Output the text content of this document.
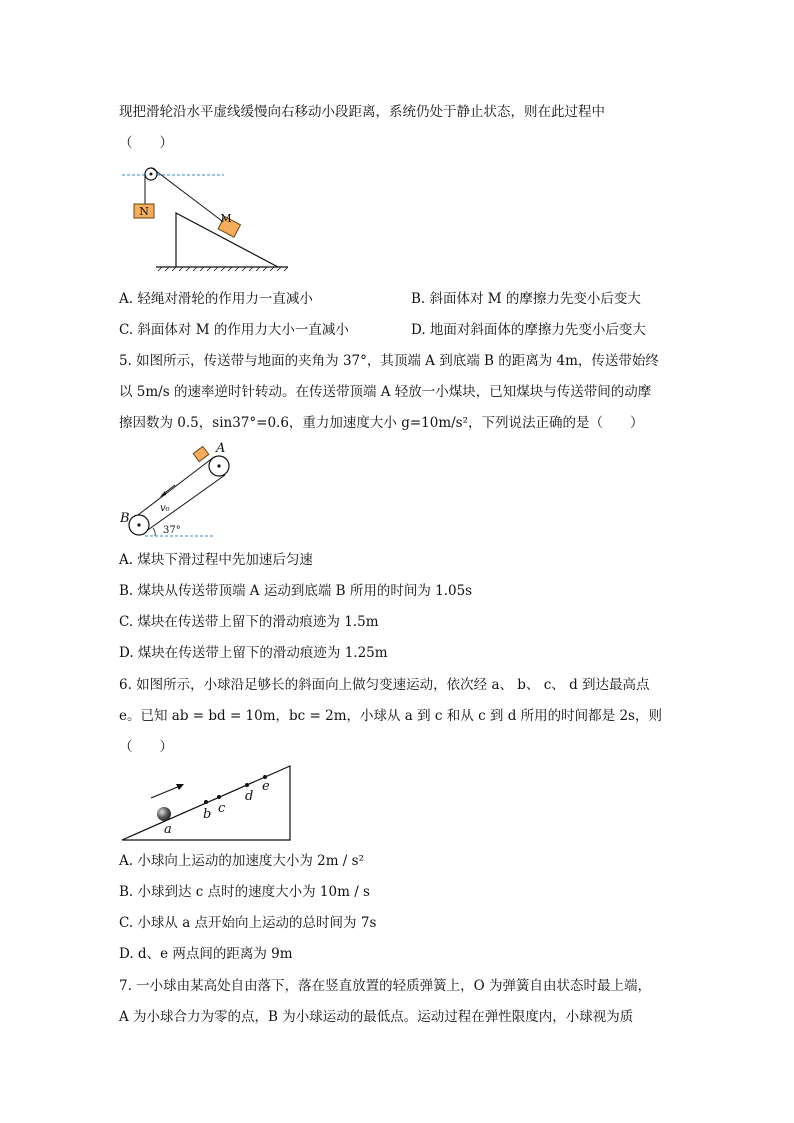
现把滑轮沿水平虚线缓慢向右移动小段距离，系统仍处于静止状态，则在此过程中
（　　）
N
M
A. 轻绳对滑轮的作用力一直减小	B. 斜面体对 M 的摩擦力先变小后变大
C. 斜面体对 M 的作用力大小一直减小	D. 地面对斜面体的摩擦力先变小后变大
5. 如图所示，传送带与地面的夹角为 37°，其顶端 A 到底端 B 的距离为 4m，传送带始终
以 5m/s 的速率逆时针转动。在传送带顶端 A 轻放一小煤块，已知煤块与传送带间的动摩
擦因数为 0.5，sin37°=0.6，重力加速度大小 g=10m/s²，下列说法正确的是（　　）
A
B
v₀
37°
A. 煤块下滑过程中先加速后匀速
B. 煤块从传送带顶端 A 运动到底端 B 所用的时间为 1.05s
C. 煤块在传送带上留下的滑动痕迹为 1.5m
D. 煤块在传送带上留下的滑动痕迹为 1.25m
6. 如图所示，小球沿足够长的斜面向上做匀变速运动，依次经 a、 b、 c、 d 到达最高点
e。已知 ab = bd = 10m，bc = 2m，小球从 a 到 c 和从 c 到 d 所用的时间都是 2s，则
（　　）
a
b c
d
e
A. 小球向上运动的加速度大小为 2m / s²
B. 小球到达 c 点时的速度大小为 10m / s
C. 小球从 a 点开始向上运动的总时间为 7s
D. d、e 两点间的距离为 9m
7. 一小球由某高处自由落下，落在竖直放置的轻质弹簧上，O 为弹簧自由状态时最上端，
A 为小球合力为零的点，B 为小球运动的最低点。运动过程在弹性限度内，小球视为质
